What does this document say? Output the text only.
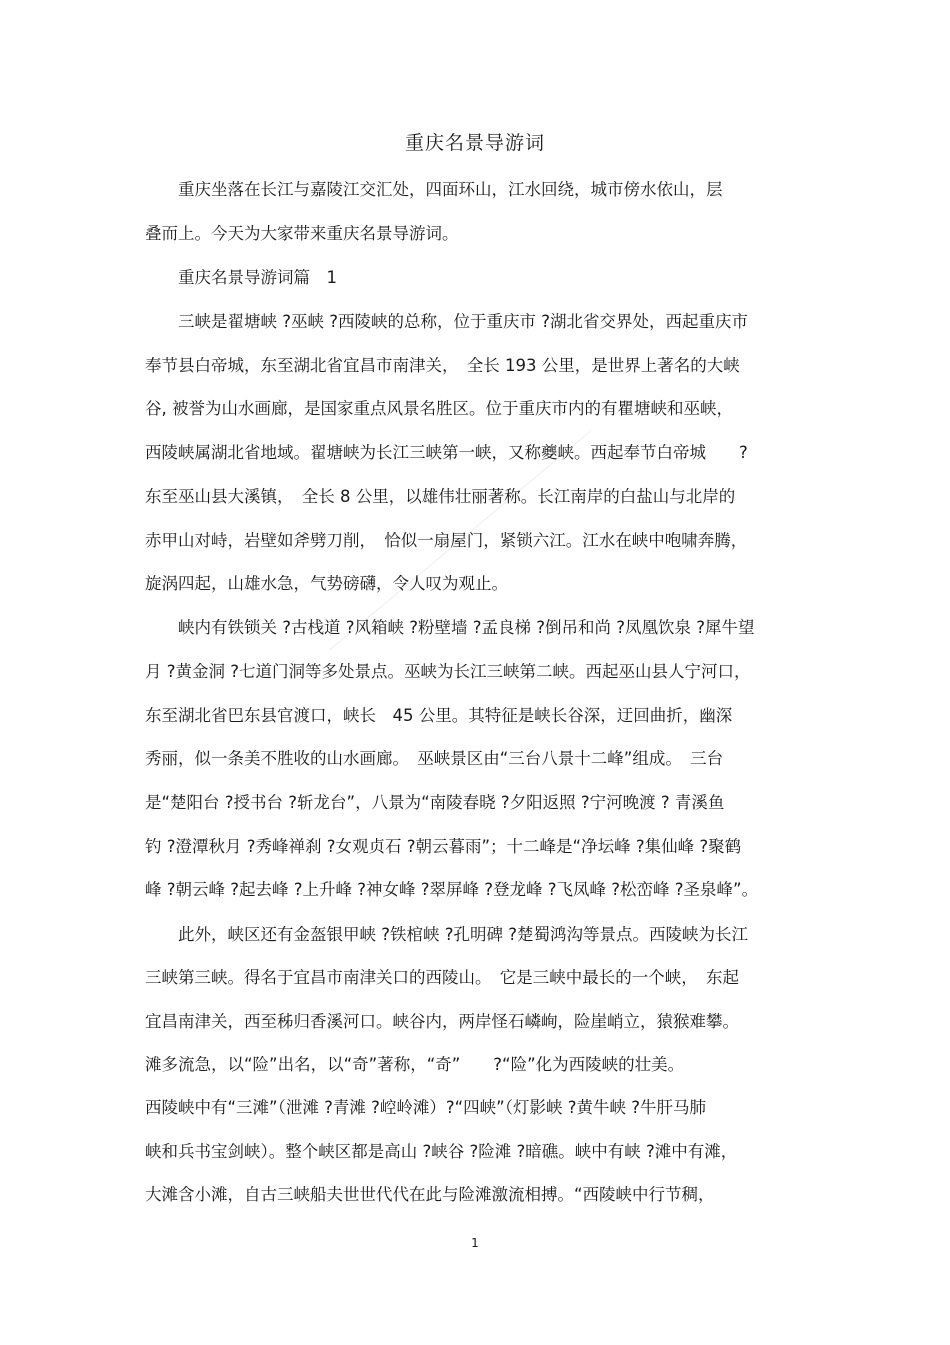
重庆名景导游词
重庆坐落在长江与嘉陵江交汇处，四面环山，江水回绕，城市傍水依山，层
叠而上。今天为大家带来重庆名景导游词。
重庆名景导游词篇　1
三峡是翟塘峡 ?巫峡 ?西陵峡的总称，位于重庆市 ?湖北省交界处，西起重庆市
奉节县白帝城，东至湖北省宜昌市南津关，　全长 193 公里，是世界上著名的大峡
谷, 被誉为山水画廊，是国家重点风景名胜区。位于重庆市内的有瞿塘峡和巫峡，
西陵峡属湖北省地域。翟塘峡为长江三峡第一峡，又称夔峡。西起奉节白帝城　　?
东至巫山县大溪镇，　全长 8 公里，以雄伟壮丽著称。长江南岸的白盐山与北岸的
赤甲山对峙，岩壁如斧劈刀削，　恰似一扇屋门，紧锁六江。江水在峡中咆啸奔腾，
旋涡四起，山雄水急，气势磅礴，令人叹为观止。
峡内有铁锁关 ?古栈道 ?风箱峡 ?粉壁墙 ?孟良梯 ?倒吊和尚 ?凤凰饮泉 ?犀牛望
月 ?黄金洞 ?七道门洞等多处景点。巫峡为长江三峡第二峡。西起巫山县人宁河口，
东至湖北省巴东县官渡口，峡长　45 公里。其特征是峡长谷深，迂回曲折，幽深
秀丽，似一条美不胜收的山水画廊。　巫峡景区由“三台八景十二峰”组成。　三台
是“楚阳台 ?授书台 ?斩龙台”，八景为“南陵春晓 ?夕阳返照 ?宁河晚渡 ? 青溪鱼
钓 ?澄潭秋月 ?秀峰禅刹 ?女观贞石 ?朝云暮雨”；十二峰是“净坛峰 ?集仙峰 ?聚鹤
峰 ?朝云峰 ?起去峰 ?上升峰 ?神女峰 ?翠屏峰 ?登龙峰 ?飞凤峰 ?松峦峰 ?圣泉峰”。
此外，峡区还有金盔银甲峡 ?铁棺峡 ?孔明碑 ?楚蜀鸿沟等景点。西陵峡为长江
三峡第三峡。得名于宜昌市南津关口的西陵山。　它是三峡中最长的一个峡，　东起
宜昌南津关，西至秭归香溪河口。峡谷内，两岸怪石嶙峋，险崖峭立，猿猴难攀。
滩多流急，以“险”出名，以“奇”著称，“奇”　　?“险”化为西陵峡的壮美。
西陵峡中有“三滩”（泄滩 ?青滩 ?崆岭滩）?“四峡”（灯影峡 ?黄牛峡 ?牛肝马肺
峡和兵书宝剑峡）。整个峡区都是高山 ?峡谷 ?险滩 ?暗礁。峡中有峡 ?滩中有滩，
大滩含小滩，自古三峡船夫世世代代在此与险滩激流相搏。“西陵峡中行节稠，
1
